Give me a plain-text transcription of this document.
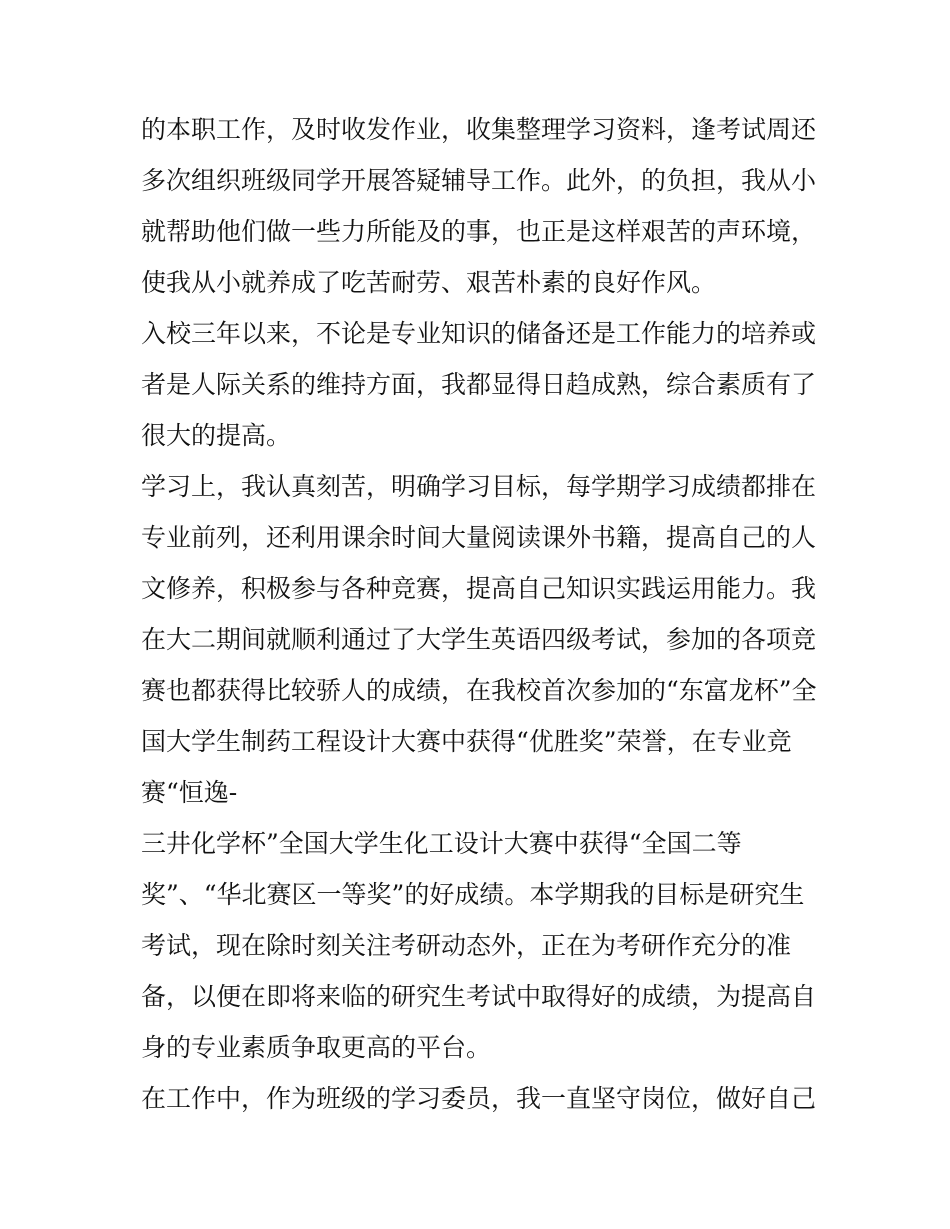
的本职工作，及时收发作业，收集整理学习资料，逢考试周还
多次组织班级同学开展答疑辅导工作。此外，的负担，我从小
就帮助他们做一些力所能及的事，也正是这样艰苦的声环境，
使我从小就养成了吃苦耐劳、艰苦朴素的良好作风。
入校三年以来，不论是专业知识的储备还是工作能力的培养或
者是人际关系的维持方面，我都显得日趋成熟，综合素质有了
很大的提高。
学习上，我认真刻苦，明确学习目标，每学期学习成绩都排在
专业前列，还利用课余时间大量阅读课外书籍，提高自己的人
文修养，积极参与各种竞赛，提高自己知识实践运用能力。我
在大二期间就顺利通过了大学生英语四级考试，参加的各项竞
赛也都获得比较骄人的成绩，在我校首次参加的“东富龙杯”全
国大学生制药工程设计大赛中获得“优胜奖”荣誉，在专业竞
赛“恒逸-
三井化学杯”全国大学生化工设计大赛中获得“全国二等
奖”、“华北赛区一等奖”的好成绩。本学期我的目标是研究生
考试，现在除时刻关注考研动态外，正在为考研作充分的准
备，以便在即将来临的研究生考试中取得好的成绩，为提高自
身的专业素质争取更高的平台。
在工作中，作为班级的学习委员，我一直坚守岗位，做好自己
